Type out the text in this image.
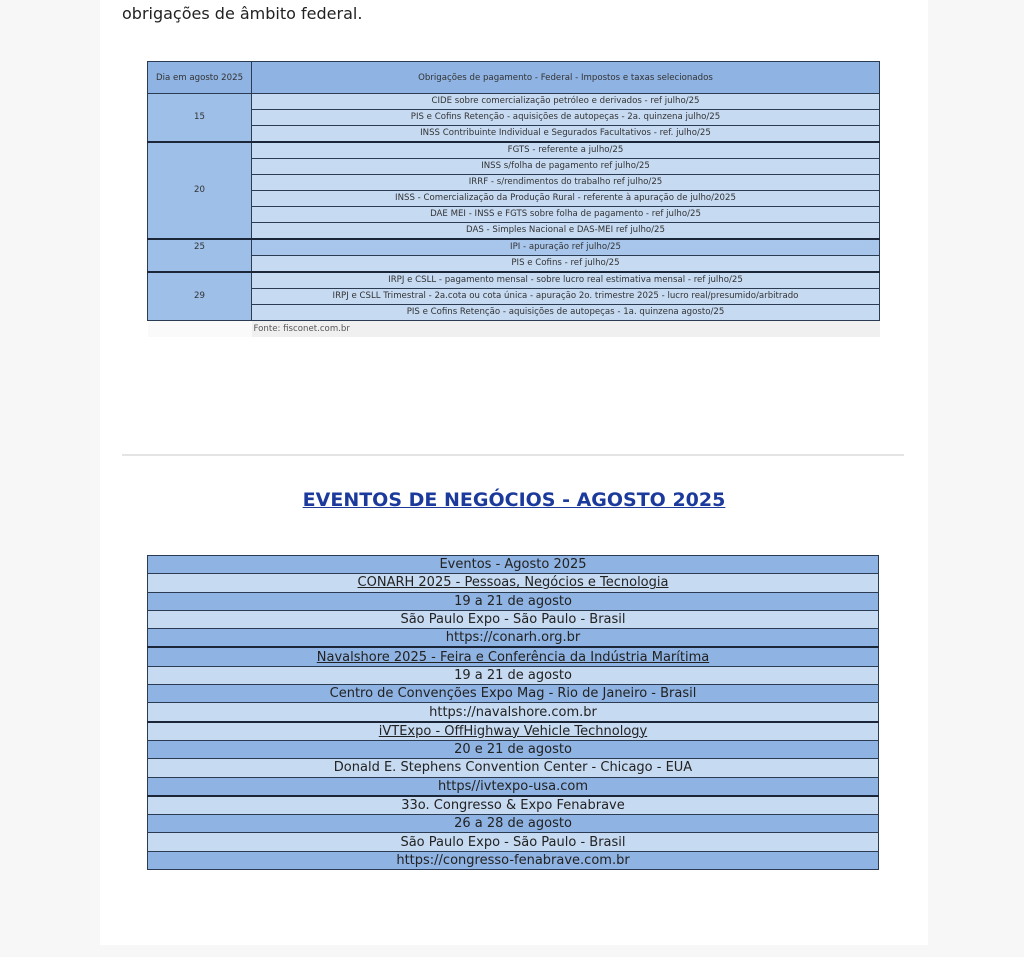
obrigações de âmbito federal.
Dia em agosto 2025	Obrigações de pagamento - Federal - Impostos e taxas selecionados
15	CIDE sobre comercialização petróleo e derivados - ref julho/25
	PIS e Cofins Retenção - aquisições de autopeças - 2a. quinzena julho/25
	INSS Contribuinte Individual e Segurados Facultativos - ref. julho/25
20	FGTS - referente a julho/25
	INSS s/folha de pagamento ref julho/25
	IRRF - s/rendimentos do trabalho ref julho/25
	INSS - Comercialização da Produção Rural - referente à apuração de julho/2025
	DAE MEI - INSS e FGTS sobre folha de pagamento - ref julho/25
	DAS - Simples Nacional e DAS-MEI ref julho/25
25	IPI - apuração ref julho/25
	PIS e Cofins - ref julho/25
29	IRPJ e CSLL - pagamento mensal - sobre lucro real estimativa mensal - ref julho/25
	IRPJ e CSLL Trimestral - 2a.cota ou cota única - apuração 2o. trimestre 2025 - lucro real/presumido/arbitrado
	PIS e Cofins Retenção - aquisições de autopeças - 1a. quinzena agosto/25
	Fonte: fisconet.com.br
EVENTOS DE NEGÓCIOS - AGOSTO 2025
Eventos - Agosto 2025
CONARH 2025 - Pessoas, Negócios e Tecnologia
19 a 21 de agosto
São Paulo Expo - São Paulo - Brasil
https://conarh.org.br
Navalshore 2025 - Feira e Conferência da Indústria Marítima
19 a 21 de agosto
Centro de Convenções Expo Mag - Rio de Janeiro - Brasil
https://navalshore.com.br
iVTExpo - OffHighway Vehicle Technology
20 e 21 de agosto
Donald E. Stephens Convention Center - Chicago - EUA
https//ivtexpo-usa.com
33o. Congresso & Expo Fenabrave
26 a 28 de agosto
São Paulo Expo - São Paulo - Brasil
https://congresso-fenabrave.com.br
